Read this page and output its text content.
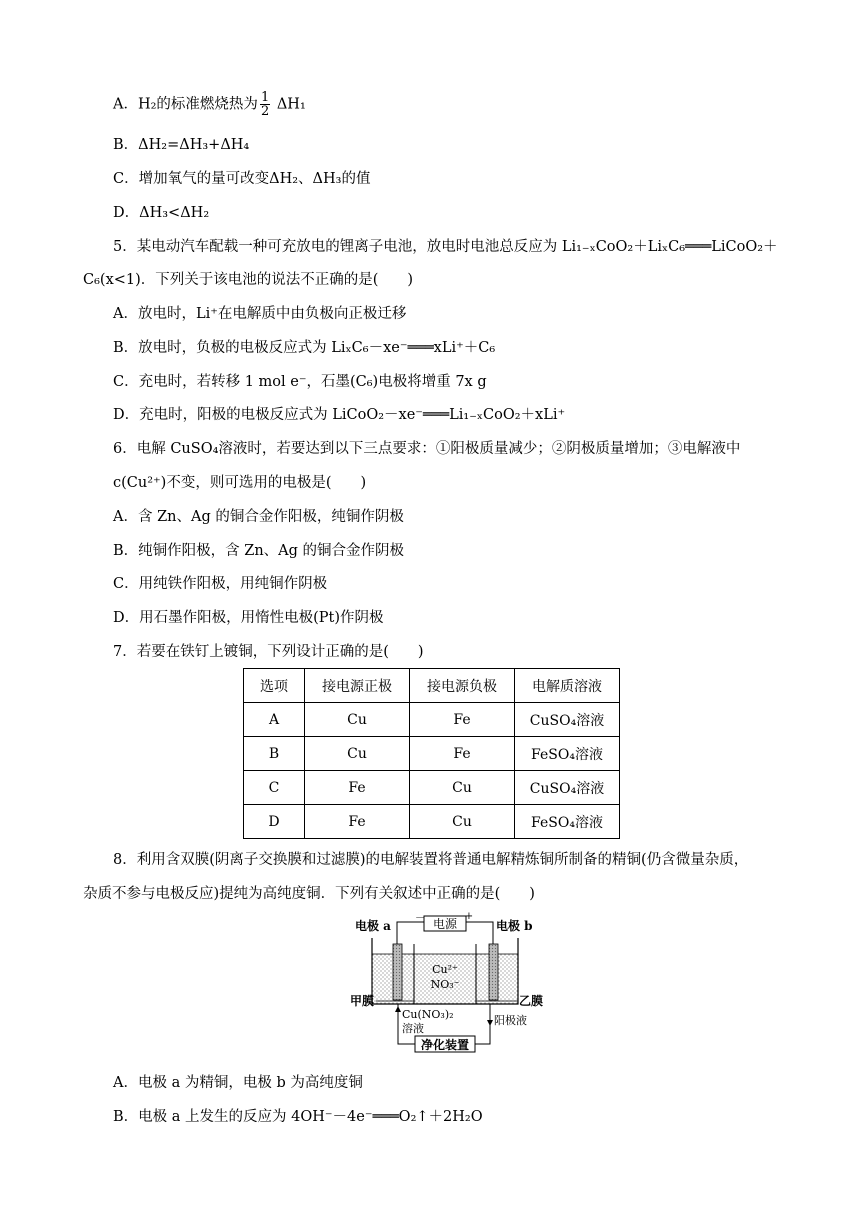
A．H₂的标准燃烧热为 $\frac{1}{2} \Delta H_1$
B．ΔH₂=ΔH₃+ΔH₄
C．增加氧气的量可改变ΔH₂、ΔH₃的值
D．ΔH₃<ΔH₂
5．某电动汽车配载一种可充放电的锂离子电池，放电时电池总反应为 Li₁₋ₓCoO₂＋LiₓC₆═══LiCoO₂＋
C₆(x<1)．下列关于该电池的说法不正确的是(　　)
A．放电时，Li⁺在电解质中由负极向正极迁移
B．放电时，负极的电极反应式为 LiₓC₆－xe⁻═══xLi⁺＋C₆
C．充电时，若转移 1 mol e⁻，石墨(C₆)电极将增重 7x g
D．充电时，阳极的电极反应式为 LiCoO₂－xe⁻═══Li₁₋ₓCoO₂＋xLi⁺
6．电解 CuSO₄溶液时，若要达到以下三点要求：①阳极质量减少；②阴极质量增加；③电解液中
c(Cu²⁺)不变，则可选用的电极是(　　)
A．含 Zn、Ag 的铜合金作阳极，纯铜作阴极
B．纯铜作阳极，含 Zn、Ag 的铜合金作阴极
C．用纯铁作阳极，用纯铜作阴极
D．用石墨作阳极，用惰性电极(Pt)作阴极
7．若要在铁钉上镀铜，下列设计正确的是(　　)
选项	接电源正极	接电源负极	电解质溶液
A	Cu	Fe	CuSO₄溶液
B	Cu	Fe	FeSO₄溶液
C	Fe	Cu	CuSO₄溶液
D	Fe	Cu	FeSO₄溶液
8．利用含双膜(阴离子交换膜和过滤膜)的电解装置将普通电解精炼铜所制备的精铜(仍含微量杂质，
杂质不参与电极反应)提纯为高纯度铜．下列有关叙述中正确的是(　　)
电源
－	+
电极 a	电极 b
Cu²⁺
NO₃⁻
甲膜	乙膜
Cu(NO₃)₂
溶液
阳极液
净化装置
A．电极 a 为精铜，电极 b 为高纯度铜
B．电极 a 上发生的反应为 4OH⁻－4e⁻═══O₂↑＋2H₂O
